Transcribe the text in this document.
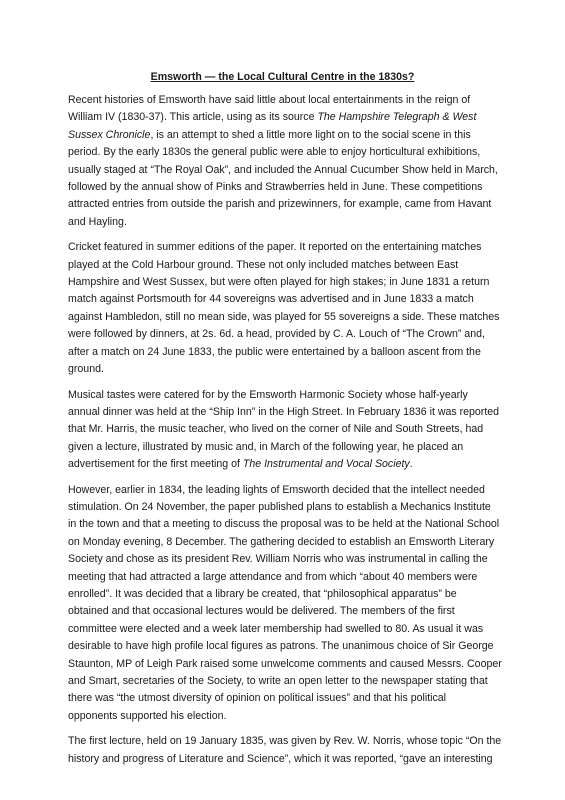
Emsworth — the Local Cultural Centre in the 1830s?
Recent histories of Emsworth have said little about local entertainments in the reign of
William IV (1830-37). This article, using as its source The Hampshire Telegraph & West
Sussex Chronicle, is an attempt to shed a little more light on to the social scene in this
period. By the early 1830s the general public were able to enjoy horticultural exhibitions,
usually staged at “The Royal Oak”, and included the Annual Cucumber Show held in March,
followed by the annual show of Pinks and Strawberries held in June. These competitions
attracted entries from outside the parish and prizewinners, for example, came from Havant
and Hayling.
Cricket featured in summer editions of the paper. It reported on the entertaining matches
played at the Cold Harbour ground. These not only included matches between East
Hampshire and West Sussex, but were often played for high stakes; in June 1831 a return
match against Portsmouth for 44 sovereigns was advertised and in June 1833 a match
against Hambledon, still no mean side, was played for 55 sovereigns a side. These matches
were followed by dinners, at 2s. 6d. a head, provided by C. A. Louch of “The Crown” and,
after a match on 24 June 1833, the public were entertained by a balloon ascent from the
ground.
Musical tastes were catered for by the Emsworth Harmonic Society whose half-yearly
annual dinner was held at the “Ship Inn” in the High Street. In February 1836 it was reported
that Mr. Harris, the music teacher, who lived on the corner of Nile and South Streets, had
given a lecture, illustrated by music and, in March of the following year, he placed an
advertisement for the first meeting of The Instrumental and Vocal Society.
However, earlier in 1834, the leading lights of Emsworth decided that the intellect needed
stimulation. On 24 November, the paper published plans to establish a Mechanics Institute
in the town and that a meeting to discuss the proposal was to be held at the National School
on Monday evening, 8 December. The gathering decided to establish an Emsworth Literary
Society and chose as its president Rev. William Norris who was instrumental in calling the
meeting that had attracted a large attendance and from which “about 40 members were
enrolled”. It was decided that a library be created, that “philosophical apparatus” be
obtained and that occasional lectures would be delivered. The members of the first
committee were elected and a week later membership had swelled to 80. As usual it was
desirable to have high profile local figures as patrons. The unanimous choice of Sir George
Staunton, MP of Leigh Park raised some unwelcome comments and caused Messrs. Cooper
and Smart, secretaries of the Society, to write an open letter to the newspaper stating that
there was “the utmost diversity of opinion on political issues” and that his political
opponents supported his election.
The first lecture, held on 19 January 1835, was given by Rev. W. Norris, whose topic “On the
history and progress of Literature and Science”, which it was reported, “gave an interesting
